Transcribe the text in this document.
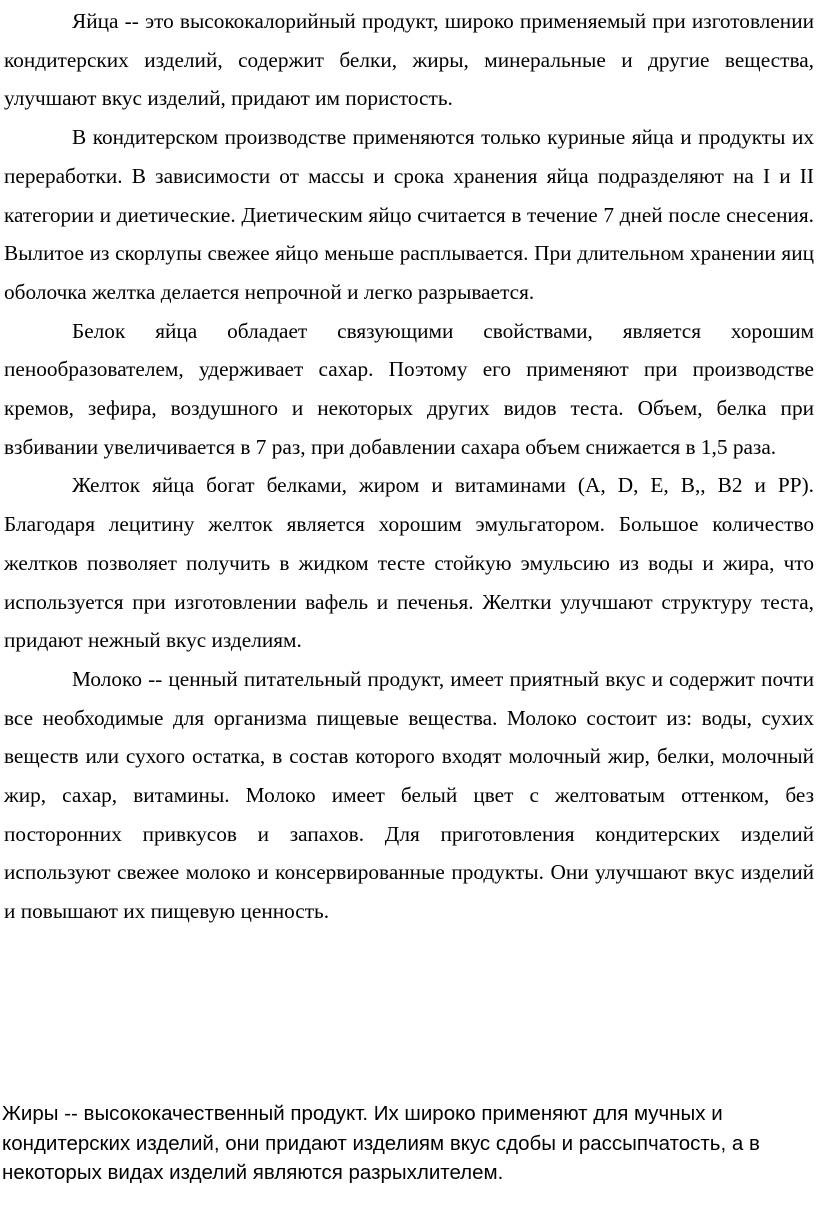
Яйца -- это высококалорийный продукт, широко применяемый при изготовлении кондитерских изделий, содержит белки, жиры, минеральные и другие вещества, улучшают вкус изделий, придают им пористость.

В кондитерском производстве применяются только куриные яйца и продукты их переработки. В зависимости от массы и срока хранения яйца подразделяют на I и II категории и диетические. Диетическим яйцо считается в течение 7 дней после снесения. Вылитое из скорлупы свежее яйцо меньше расплывается. При длительном хранении яиц оболочка желтка делается непрочной и легко разрывается.

Белок яйца обладает связующими свойствами, является хорошим пенообразователем, удерживает сахар. Поэтому его применяют при производстве кремов, зефира, воздушного и некоторых других видов теста. Объем, белка при взбивании увеличивается в 7 раз, при добавлении сахара объем снижается в 1,5 раза.

Желток яйца богат белками, жиром и витаминами (A, D, E, B,, B2 и PP). Благодаря лецитину желток является хорошим эмульгатором. Большое количество желтков позволяет получить в жидком тесте стойкую эмульсию из воды и жира, что используется при изготовлении вафель и печенья. Желтки улучшают структуру теста, придают нежный вкус изделиям.

Молоко -- ценный питательный продукт, имеет приятный вкус и содержит почти все необходимые для организма пищевые вещества. Молоко состоит из: воды, сухих веществ или сухого остатка, в состав которого входят молочный жир, белки, молочный жир, сахар, витамины. Молоко имеет белый цвет с желтоватым оттенком, без посторонних привкусов и запахов. Для приготовления кондитерских изделий используют свежее молоко и консервированные продукты. Они улучшают вкус изделий и повышают их пищевую ценность.

Жиры -- высококачественный продукт. Их широко применяют для мучных и кондитерских изделий, они придают изделиям вкус сдобы и рассыпчатость, а в некоторых видах изделий являются разрыхлителем.
